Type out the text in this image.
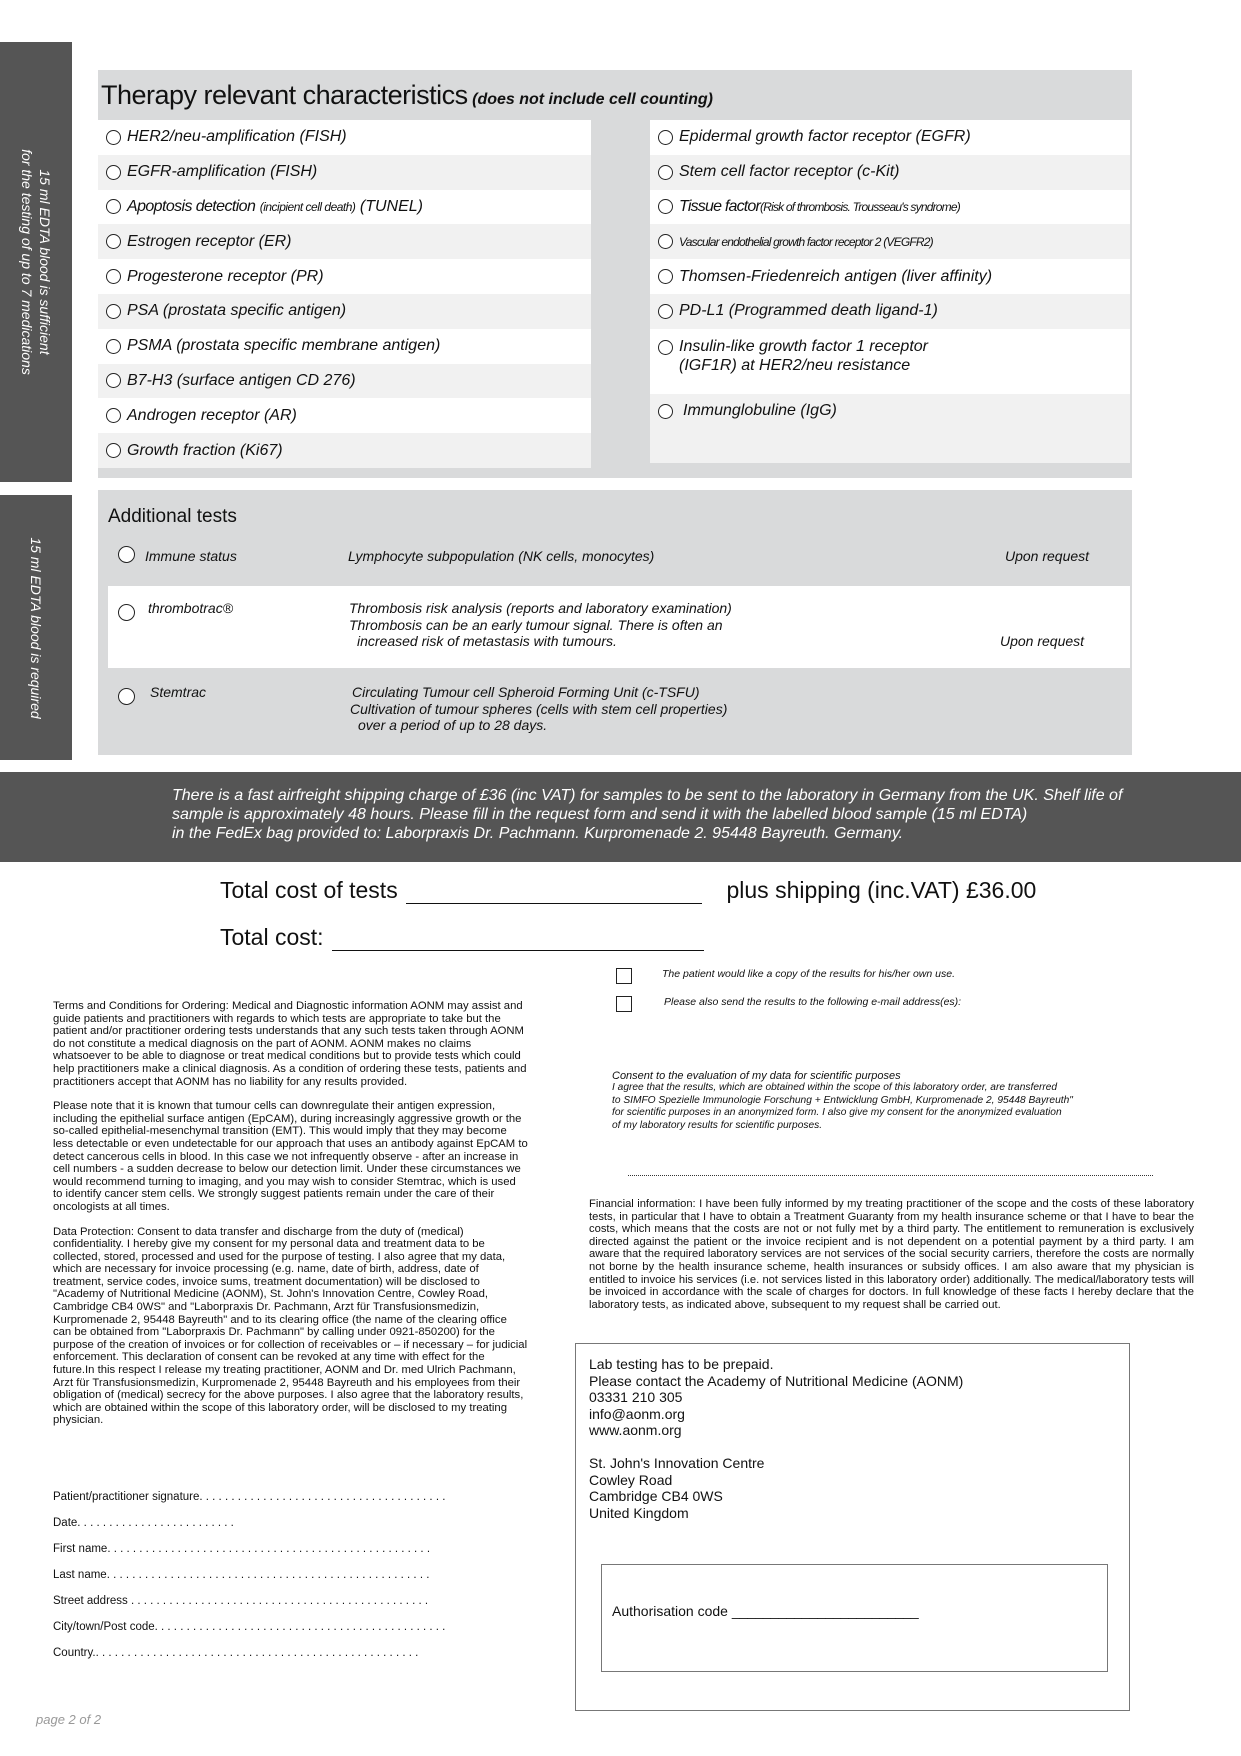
15 ml EDTA blood is sufficient
for the testing of up to 7 medications
15 ml EDTA blood is required
Therapy relevant characteristics (does not include cell counting)
HER2/neu-amplification (FISH)
EGFR-amplification (FISH)
Apoptosis detection
(incipient cell death)
(TUNEL)
Estrogen receptor (ER)
Progesterone receptor (PR)
PSA (prostata specific antigen)
PSMA (prostata specific membrane antigen)
B7-H3 (surface antigen CD 276)
Androgen receptor (AR)
Growth fraction (Ki67)
Epidermal growth factor receptor (EGFR)
Stem cell factor receptor (c-Kit)
Tissue factor (Risk of thrombosis. Trousseau's syndrome)
Vascular endothelial growth factor receptor 2 (VEGFR2)
Thomsen-Friedenreich antigen (liver affinity)
PD-L1 (Programmed death ligand-1)
Insulin-like growth factor 1 receptor
(IGF1R) at HER2/neu resistance
Immunglobuline (IgG)
Additional tests
Immune status	Lymphocyte subpopulation (NK cells, monocytes)	Upon request
thrombotrac®	Thrombosis risk analysis (reports and laboratory examination)
Thrombosis can be an early tumour signal. There is often an
increased risk of metastasis with tumours.	Upon request
Stemtrac	Circulating Tumour cell Spheroid Forming Unit (c-TSFU)
Cultivation of tumour spheres (cells with stem cell properties)
over a period of up to 28 days.
There is a fast airfreight shipping charge of £36 (inc VAT) for samples to be sent to the laboratory in Germany from the UK. Shelf life of
sample is approximately 48 hours. Please fill in the request form and send it with the labelled blood sample (15 ml EDTA)
in the FedEx bag provided to: Laborpraxis Dr. Pachmann. Kurpromenade 2. 95448 Bayreuth. Germany.
Total cost of tests	plus shipping (inc.VAT) £36.00
Total cost:

Terms and Conditions for Ordering: Medical and Diagnostic information AONM may assist and guide patients and practitioners with regards to which tests are appropriate to take but the patient and/or practitioner ordering tests understands that any such tests taken through AONM do not constitute a medical diagnosis on the part of AONM. AONM makes no claims whatsoever to be able to diagnose or treat medical conditions but to provide tests which could help practitioners make a clinical diagnosis. As a condition of ordering these tests, patients and practitioners accept that AONM has no liability for any results provided.

Please note that it is known that tumour cells can downregulate their antigen expression, including the epithelial surface antigen (EpCAM), during increasingly aggressive growth or the so-called epithelial-mesenchymal transition (EMT). This would imply that they may become less detectable or even undetectable for our approach that uses an antibody against EpCAM to detect cancerous cells in blood. In this case we not infrequently observe - after an increase in cell numbers - a sudden decrease to below our detection limit. Under these circumstances we would recommend turning to imaging, and you may wish to consider Stemtrac, which is used to identify cancer stem cells. We strongly suggest patients remain under the care of their oncologists at all times.

Data Protection: Consent to data transfer and discharge from the duty of (medical) confidentiality. I hereby give my consent for my personal data and treatment data to be collected, stored, processed and used for the purpose of testing. I also agree that my data, which are necessary for invoice processing (e.g. name, date of birth, address, date of treatment, service codes, invoice sums, treatment documentation) will be disclosed to "Academy of Nutritional Medicine (AONM), St. John's Innovation Centre, Cowley Road, Cambridge CB4 0WS" and "Laborpraxis Dr. Pachmann, Arzt für Transfusionsmedizin, Kurpromenade 2, 95448 Bayreuth" and to its clearing office (the name of the clearing office can be obtained from "Laborpraxis Dr. Pachmann" by calling under 0921-850200) for the purpose of the creation of invoices or for collection of receivables or – if necessary – for judicial enforcement. This declaration of consent can be revoked at any time with effect for the future.In this respect I release my treating practitioner, AONM and Dr. med Ulrich Pachmann, Arzt für Transfusionsmedizin, Kurpromenade 2, 95448 Bayreuth and his employees from their obligation of (medical) secrecy for the above purposes. I also agree that the laboratory results, which are obtained within the scope of this laboratory order, will be disclosed to my treating physician.

Patient/practitioner signature. . . . . . . . . . . . . . . . . . . . . . . . . . . . . . . . . . . . . . .
Date. . . . . . . . . . . . . . . . . . . . . . . . .
First name. . . . . . . . . . . . . . . . . . . . . . . . . . . . . . . . . . . . . . . . . . . . . . . . . . .
Last name. . . . . . . . . . . . . . . . . . . . . . . . . . . . . . . . . . . . . . . . . . . . . . . . . . .
Street address . . . . . . . . . . . . . . . . . . . . . . . . . . . . . . . . . . . . . . . . . . . . . . .
City/town/Post code. . . . . . . . . . . . . . . . . . . . . . . . . . . . . . . . . . . . . . . . . . . . . .
Country.. . . . . . . . . . . . . . . . . . . . . . . . . . . . . . . . . . . . . . . . . . . . . . . . . . .
The patient would like a copy of the results for his/her own use.
Please also send the results to the following e-mail address(es):
Consent to the evaluation of my data for scientific purposes
I agree that the results, which are obtained within the scope of this laboratory order, are transferred
to SIMFO Spezielle Immunologie Forschung + Entwicklung GmbH, Kurpromenade 2, 95448 Bayreuth"
for scientific purposes in an anonymized form. I also give my consent for the anonymized evaluation
of my laboratory results for scientific purposes.
Financial information: I have been fully informed by my treating practitioner of the scope and the costs of these laboratory tests, in particular that I have to obtain a Treatment Guaranty from my health insurance scheme or that I have to bear the costs, which means that the costs are not or not fully met by a third party. The entitlement to remuneration is exclusively directed against the patient or the invoice recipient and is not dependent on a potential payment by a third party. I am aware that the required laboratory services are not services of the social security carriers, therefore the costs are normally not borne by the health insurance scheme, health insurances or subsidy offices. I am also aware that my physician is entitled to invoice his services (i.e. not services listed in this laboratory order) additionally. The medical/laboratory tests will be invoiced in accordance with the scale of charges for doctors. In full knowledge of these facts I hereby declare that the laboratory tests, as indicated above, subsequent to my request shall be carried out.
Lab testing has to be prepaid.
Please contact the Academy of Nutritional Medicine (AONM)
03331 210 305
info@aonm.org
www.aonm.org
St. John's Innovation Centre
Cowley Road
Cambridge CB4 0WS
United Kingdom
Authorisation code ________________________
page 2 of 2
